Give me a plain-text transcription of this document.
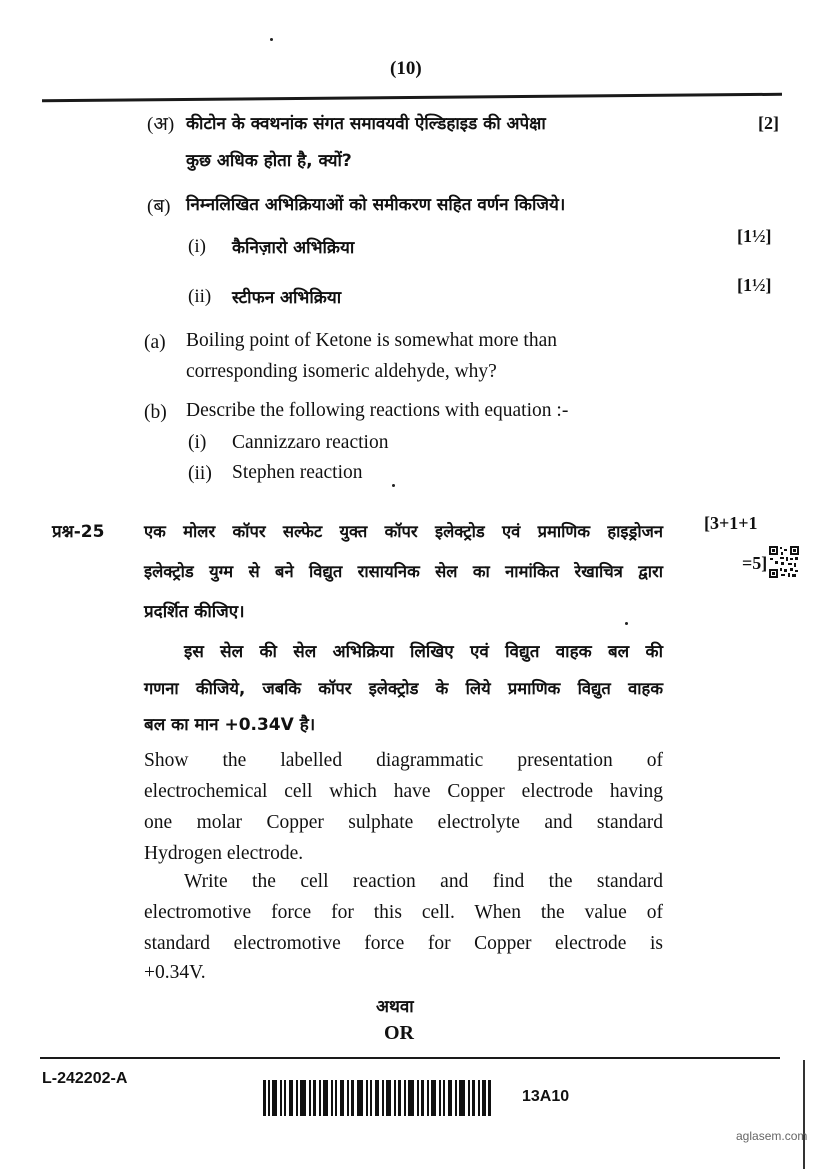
(10)
(अ) कीटोन के क्वथनांक संगत समावयवी ऐल्डिहाइड की अपेक्षा	[2]
कुछ अधिक होता है, क्यों?
(ब) निम्नलिखित अभिक्रियाओं को समीकरण सहित वर्णन किजिये।
(i) कैनिज़ारो अभिक्रिया
[1½]
(ii) स्टीफन अभिक्रिया
[1½]
(a) Boiling point of Ketone is somewhat more than
corresponding isomeric aldehyde, why?
(b) Describe the following reactions with equation :-
(i) Cannizzaro reaction
(ii) Stephen reaction
प्रश्न-25	[3+1+1
=5]
एक मोलर कॉपर सल्फेट युक्त कॉपर इलेक्ट्रोड एवं प्रमाणिक हाइड्रोजन
इलेक्ट्रोड युग्म से बने विद्युत रासायनिक सेल का नामांकित रेखाचित्र द्वारा
प्रदर्शित कीजिए।
इस सेल की सेल अभिक्रिया लिखिए एवं विद्युत वाहक बल की
गणना कीजिये, जबकि कॉपर इलेक्ट्रोड के लिये प्रमाणिक विद्युत वाहक
बल का मान +0.34V है।
Show the labelled diagrammatic presentation of
electrochemical cell which have Copper electrode having
one molar Copper sulphate electrolyte and standard
Hydrogen electrode.
Write the cell reaction and find the standard
electromotive force for this cell. When the value of
standard electromotive force for Copper electrode is
+0.34V.
अथवा
OR
L-242202-A
13A10
aglasem.com
